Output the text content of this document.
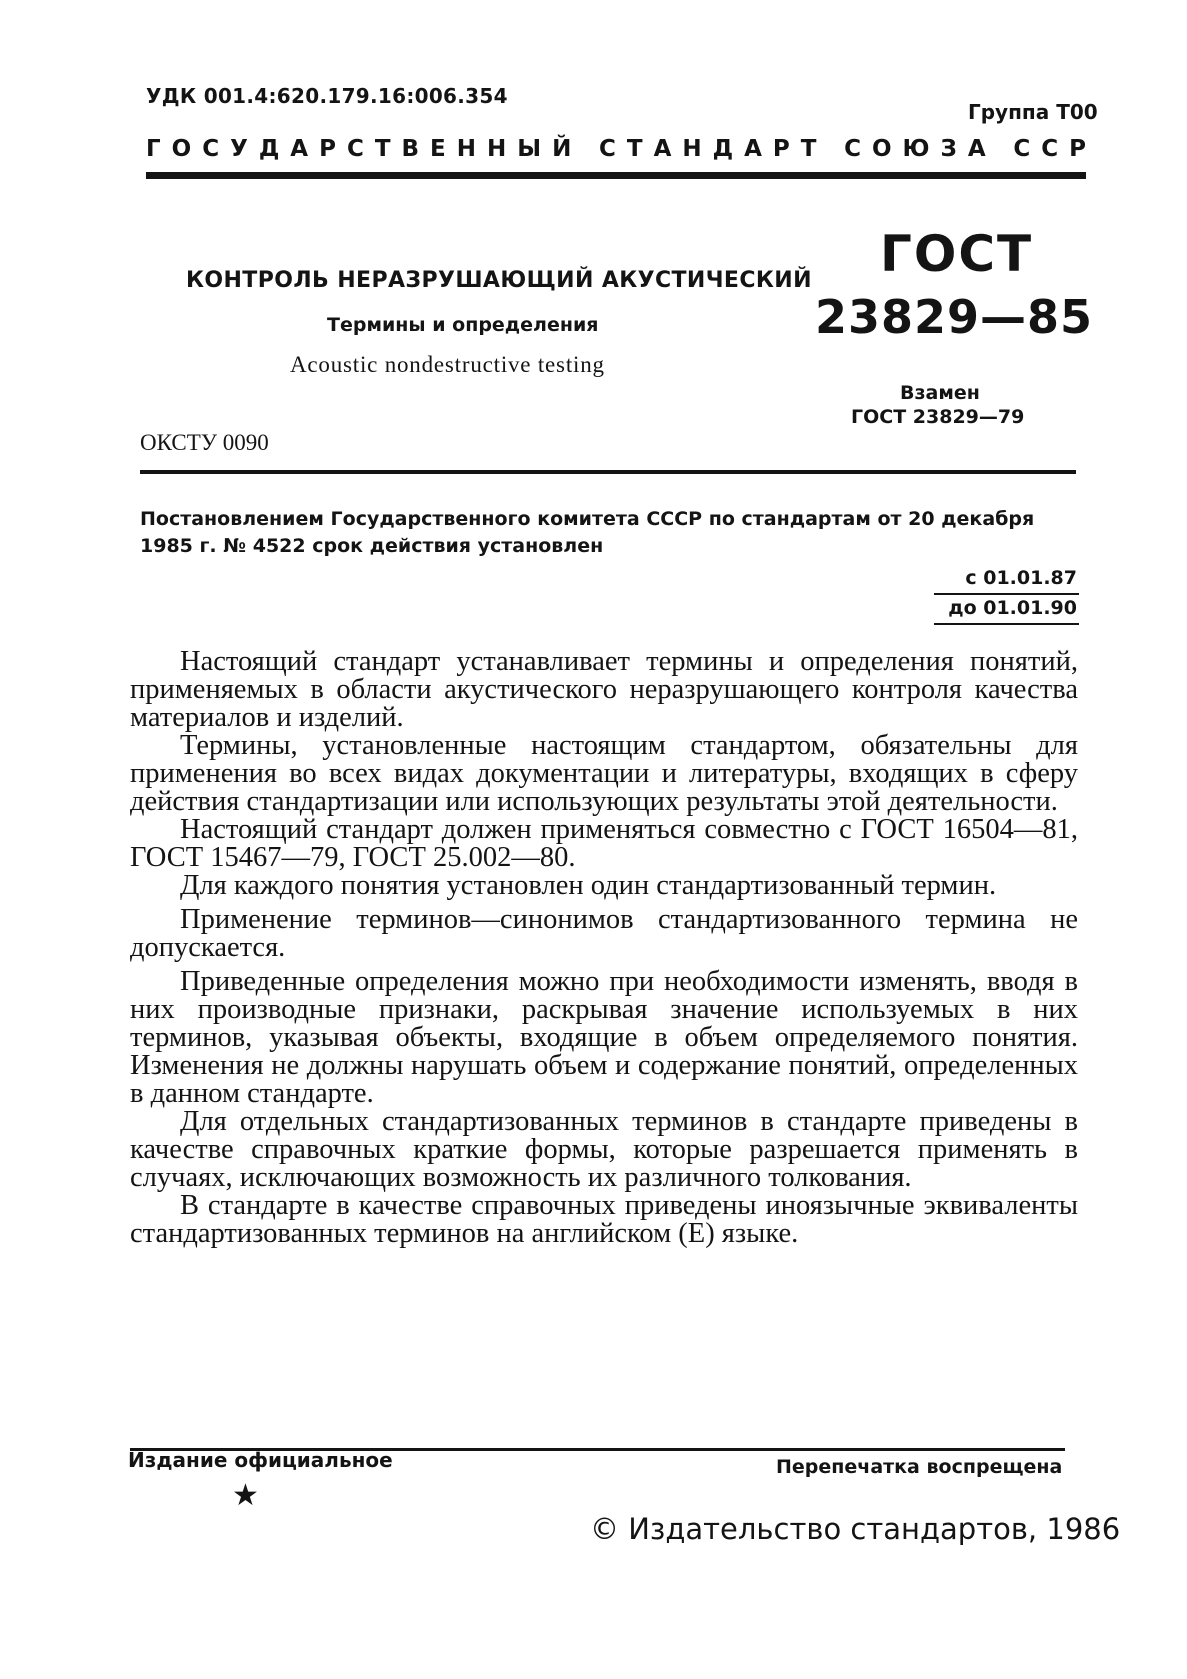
УДК 001.4:620.179.16:006.354
Группа Т00
ГОСУДАРСТВЕННЫЙ СТАНДАРТ СОЮЗА ССР
КОНТРОЛЬ НЕРАЗРУШАЮЩИЙ АКУСТИЧЕСКИЙ
Термины и определения
Acoustic nondestructive testing
ГОСТ
23829—85
Взамен
ГОСТ 23829—79
ОКСТУ 0090
Постановлением Государственного комитета СССР по стандартам от 20 декабря 1985 г. № 4522 срок действия установлен
с 01.01.87
до 01.01.90

Настоящий стандарт устанавливает термины и определения понятий, применяемых в области акустического неразрушающего контроля качества материалов и изделий.

Термины, установленные настоящим стандартом, обязательны для применения во всех видах документации и литературы, входящих в сферу действия стандартизации или использующих результаты этой деятельности.

Настоящий стандарт должен применяться совместно с ГОСТ 16504—81, ГОСТ 15467—79, ГОСТ 25.002—80.

Для каждого понятия установлен один стандартизованный термин.

Применение терминов—синонимов стандартизованного термина не допускается.

Приведенные определения можно при необходимости изменять, вводя в них производные признаки, раскрывая значение используемых в них терминов, указывая объекты, входящие в объем определяемого понятия. Изменения не должны нарушать объем и содержание понятий, определенных в данном стандарте.

Для отдельных стандартизованных терминов в стандарте приведены в качестве справочных краткие формы, которые разрешается применять в случаях, исключающих возможность их различного толкования.

В стандарте в качестве справочных приведены иноязычные эквиваленты стандартизованных терминов на английском (Е) языке.

Издание официальное
★
Перепечатка воспрещена
© Издательство стандартов, 1986
